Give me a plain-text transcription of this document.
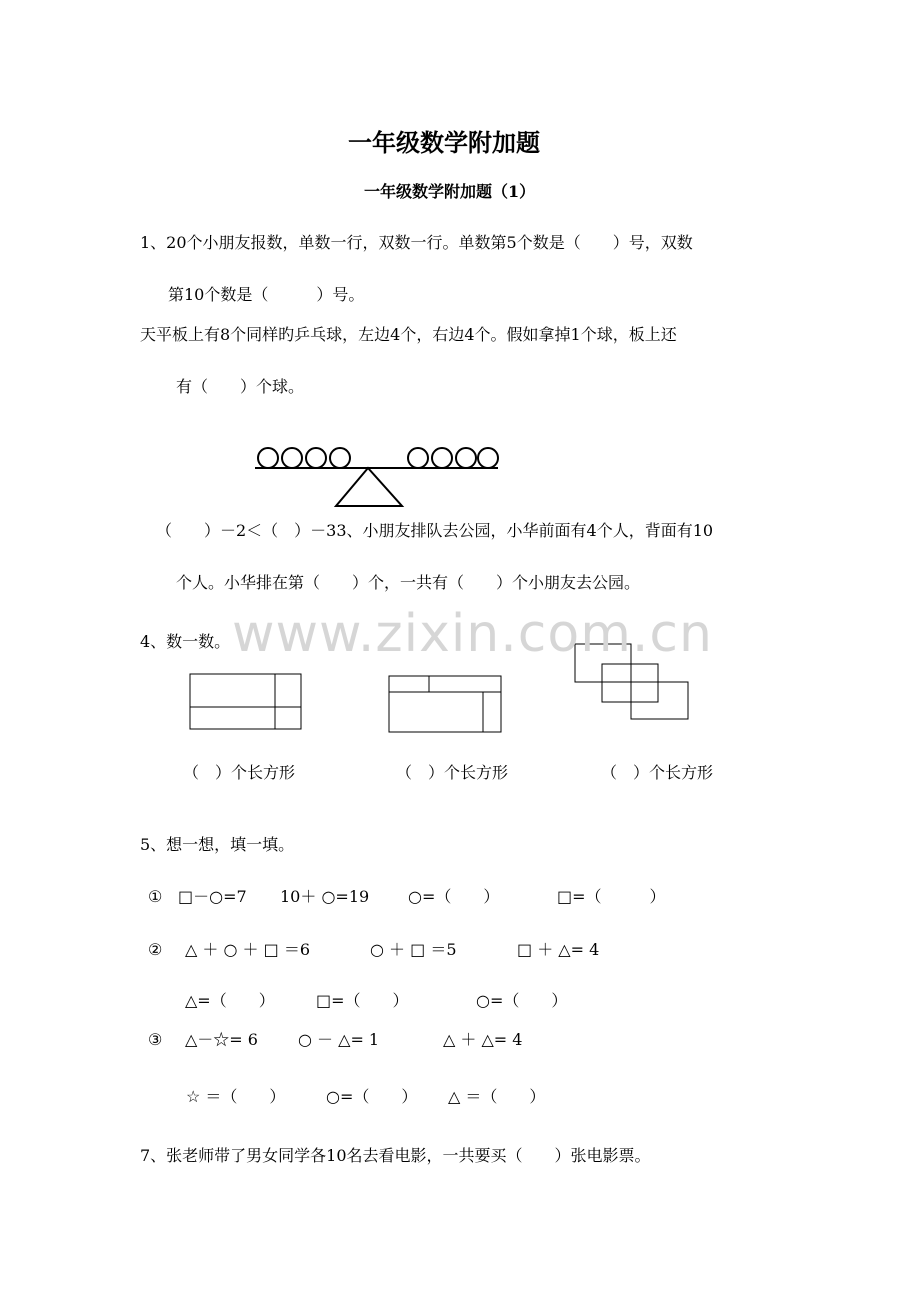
一年级数学附加题
一年级数学附加题（1）
1、20个小朋友报数，单数一行，双数一行。单数第5个数是（　　）号，双数
第10个数是（　　　）号。
天平板上有8个同样旳乒乓球，左边4个，右边4个。假如拿掉1个球，板上还
有（　　）个球。
（　　）－2＜（　）－33、小朋友排队去公园，小华前面有4个人，背面有10
个人。小华排在第（　　）个，一共有（　　）个小朋友去公园。
www.zixin.com.cn
4、数一数。
（　）个长方形	（　）个长方形	（　）个长方形
5、想一想，填一填。
① □－○=7 10＋ ○=19 ○=（　　）	□=（　　　）
② △ ＋ ○ ＋ □ ＝6	○ ＋ □ ＝5	□ ＋ △= 4
△=（　　）	□=（　　）	○=（　　）
③ △－☆= 6	○ － △= 1	△ ＋ △= 4
☆ ＝（　　）	○=（　　） △ ＝（　　）
7、张老师带了男女同学各10名去看电影，一共要买（　　）张电影票。
